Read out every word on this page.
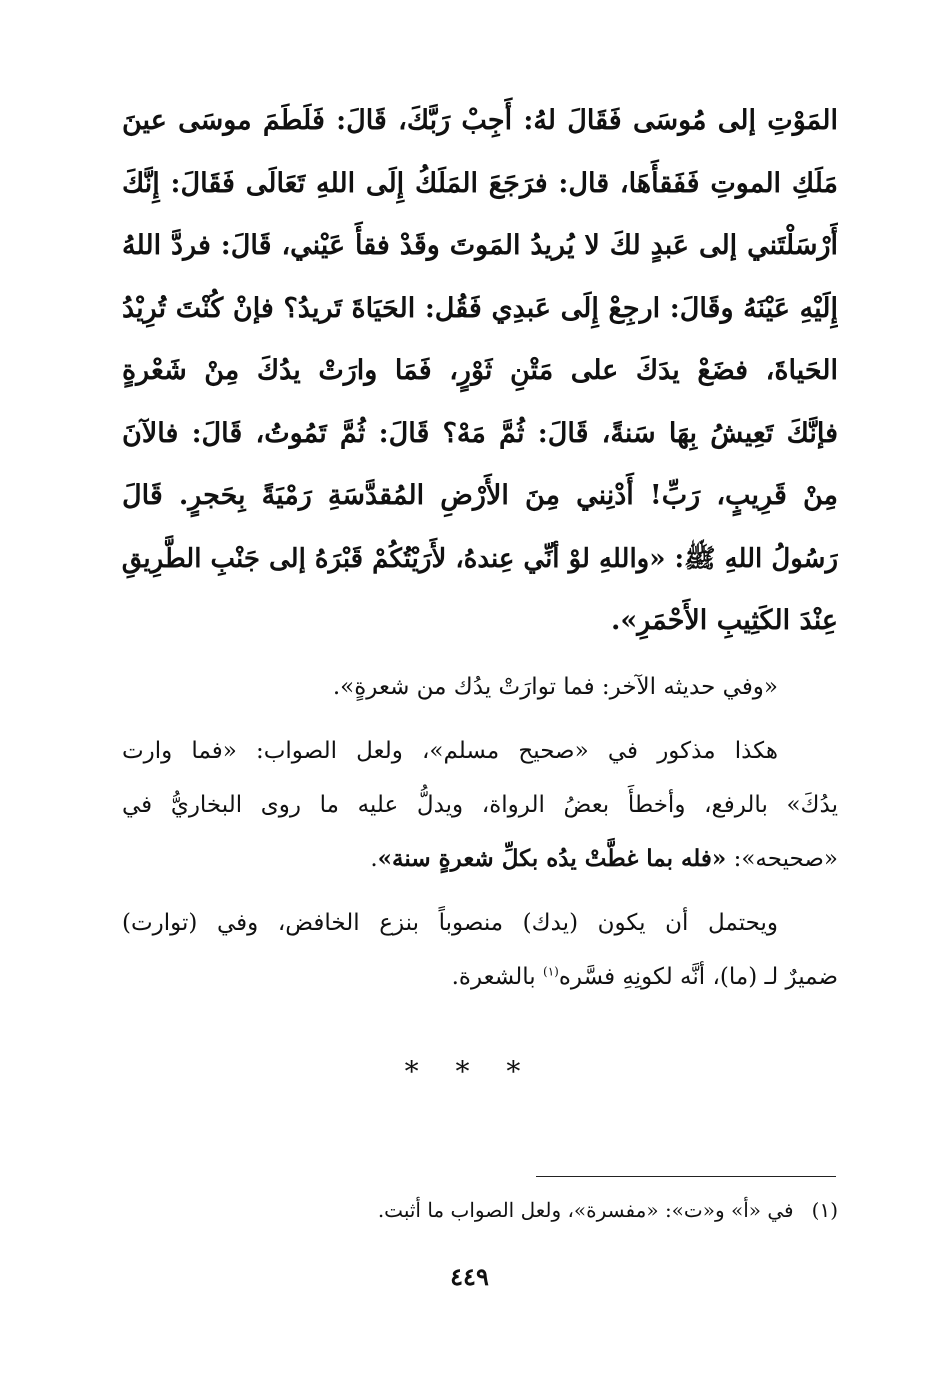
المَوْتِ إلى مُوسَى فَقَالَ لهُ: أَجِبْ رَبَّكَ، قَالَ: فَلَطَمَ موسَى عينَ
مَلَكِ الموتِ فَفَقأَهَا، قال: فرَجَعَ المَلَكُ إِلَى اللهِ تَعَالَى فَقَالَ: إِنَّكَ
أَرْسَلْتَني إلى عَبدٍ لكَ لا يُريدُ المَوتَ وقَدْ فقأَ عَيْني، قَالَ: فردَّ اللهُ
إِلَيْهِ عَيْنَهُ وقَالَ: ارجِعْ إِلَى عَبدِي فَقُل: الحَيَاةَ تَريدُ؟ فإنْ كُنْتَ تُرِيْدُ
الحَياةَ، فضَعْ يدَكَ على مَتْنِ ثَوْرٍ، فَمَا وارَتْ يدُكَ مِنْ شَعْرةٍ
فإنَّكَ تَعِيشُ بِهَا سَنةً، قَالَ: ثُمَّ مَهْ؟ قَالَ: ثُمَّ تَمُوتُ، قَالَ: فالآنَ
مِنْ قَرِيبٍ، رَبِّ! أَدْنِني مِنَ الأَرْضِ المُقدَّسَةِ رَمْيَةً بِحَجرٍ. قَالَ
رَسُولُ اللهِ ﷺ: «واللهِ لوْ أنِّي عِندهُ، لأَرَيْتُكُمْ قَبْرَهُ إلى جَنْبِ الطَّرِيقِ
عِنْدَ الكَثِيبِ الأَحْمَرِ».
«وفي حديثه الآخر: فما توارَتْ يدُك من شعرةٍ».
هكذا مذكور في «صحيح مسلم»، ولعل الصواب: «فما وارت
يدُكَ» بالرفع، وأخطأَ بعضُ الرواة، ويدلُّ عليه ما روى البخاريُّ في
«صحيحه»: «فله بما غطَّتْ يدُه بكلِّ شعرةٍ سنة».
ويحتمل أن يكون (يدك) منصوباً بنزع الخافض، وفي (توارت)
ضميرٌ لـ (ما)، أنَّه لكونِهِ فسَّره$^{(١)}$ بالشعرة.
* * *
(١)في «أ» و«ت»: «مفسرة»، ولعل الصواب ما أثبت.
٤٤٩
